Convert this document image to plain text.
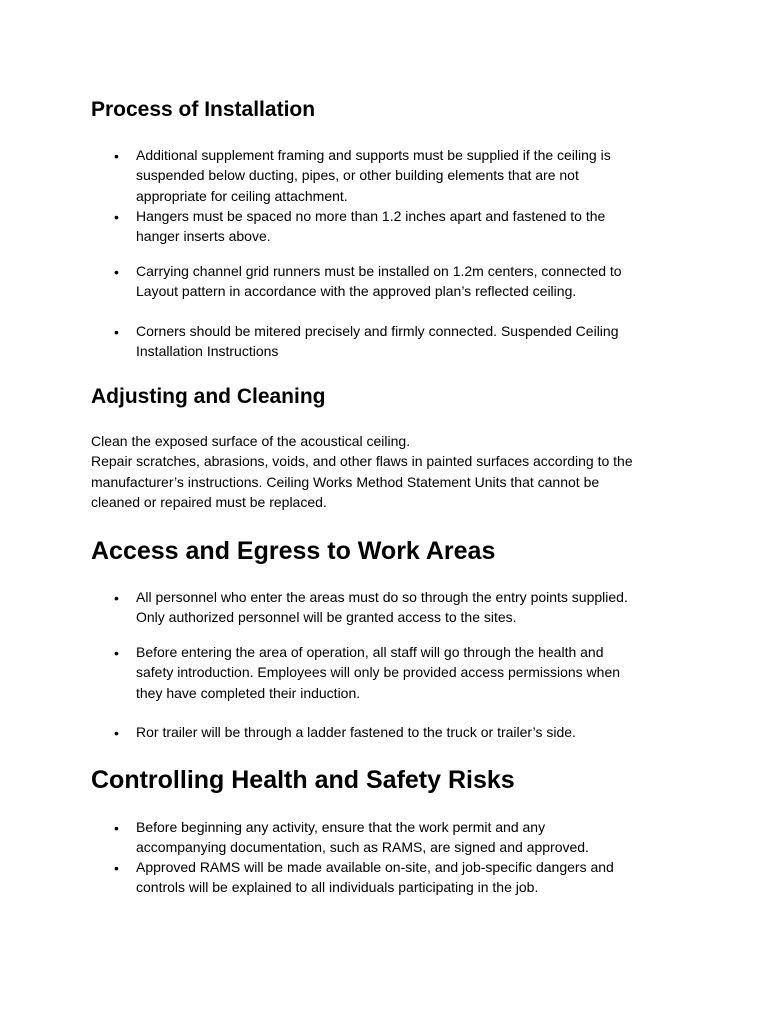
Process of Installation
•	Additional supplement framing and supports must be supplied if the ceiling is
suspended below ducting, pipes, or other building elements that are not
appropriate for ceiling attachment.
•	Hangers must be spaced no more than 1.2 inches apart and fastened to the
hanger inserts above.
•	Carrying channel grid runners must be installed on 1.2m centers, connected to
Layout pattern in accordance with the approved plan’s reflected ceiling.
•	Corners should be mitered precisely and firmly connected. Suspended Ceiling
Installation Instructions
Adjusting and Cleaning
Clean the exposed surface of the acoustical ceiling.
Repair scratches, abrasions, voids, and other flaws in painted surfaces according to the
manufacturer’s instructions. Ceiling Works Method Statement Units that cannot be
cleaned or repaired must be replaced.
Access and Egress to Work Areas
•	All personnel who enter the areas must do so through the entry points supplied.
Only authorized personnel will be granted access to the sites.
•	Before entering the area of operation, all staff will go through the health and
safety introduction. Employees will only be provided access permissions when
they have completed their induction.
•	Ror trailer will be through a ladder fastened to the truck or trailer’s side.
Controlling Health and Safety Risks
•	Before beginning any activity, ensure that the work permit and any
accompanying documentation, such as RAMS, are signed and approved.
•	Approved RAMS will be made available on-site, and job-specific dangers and
controls will be explained to all individuals participating in the job.
